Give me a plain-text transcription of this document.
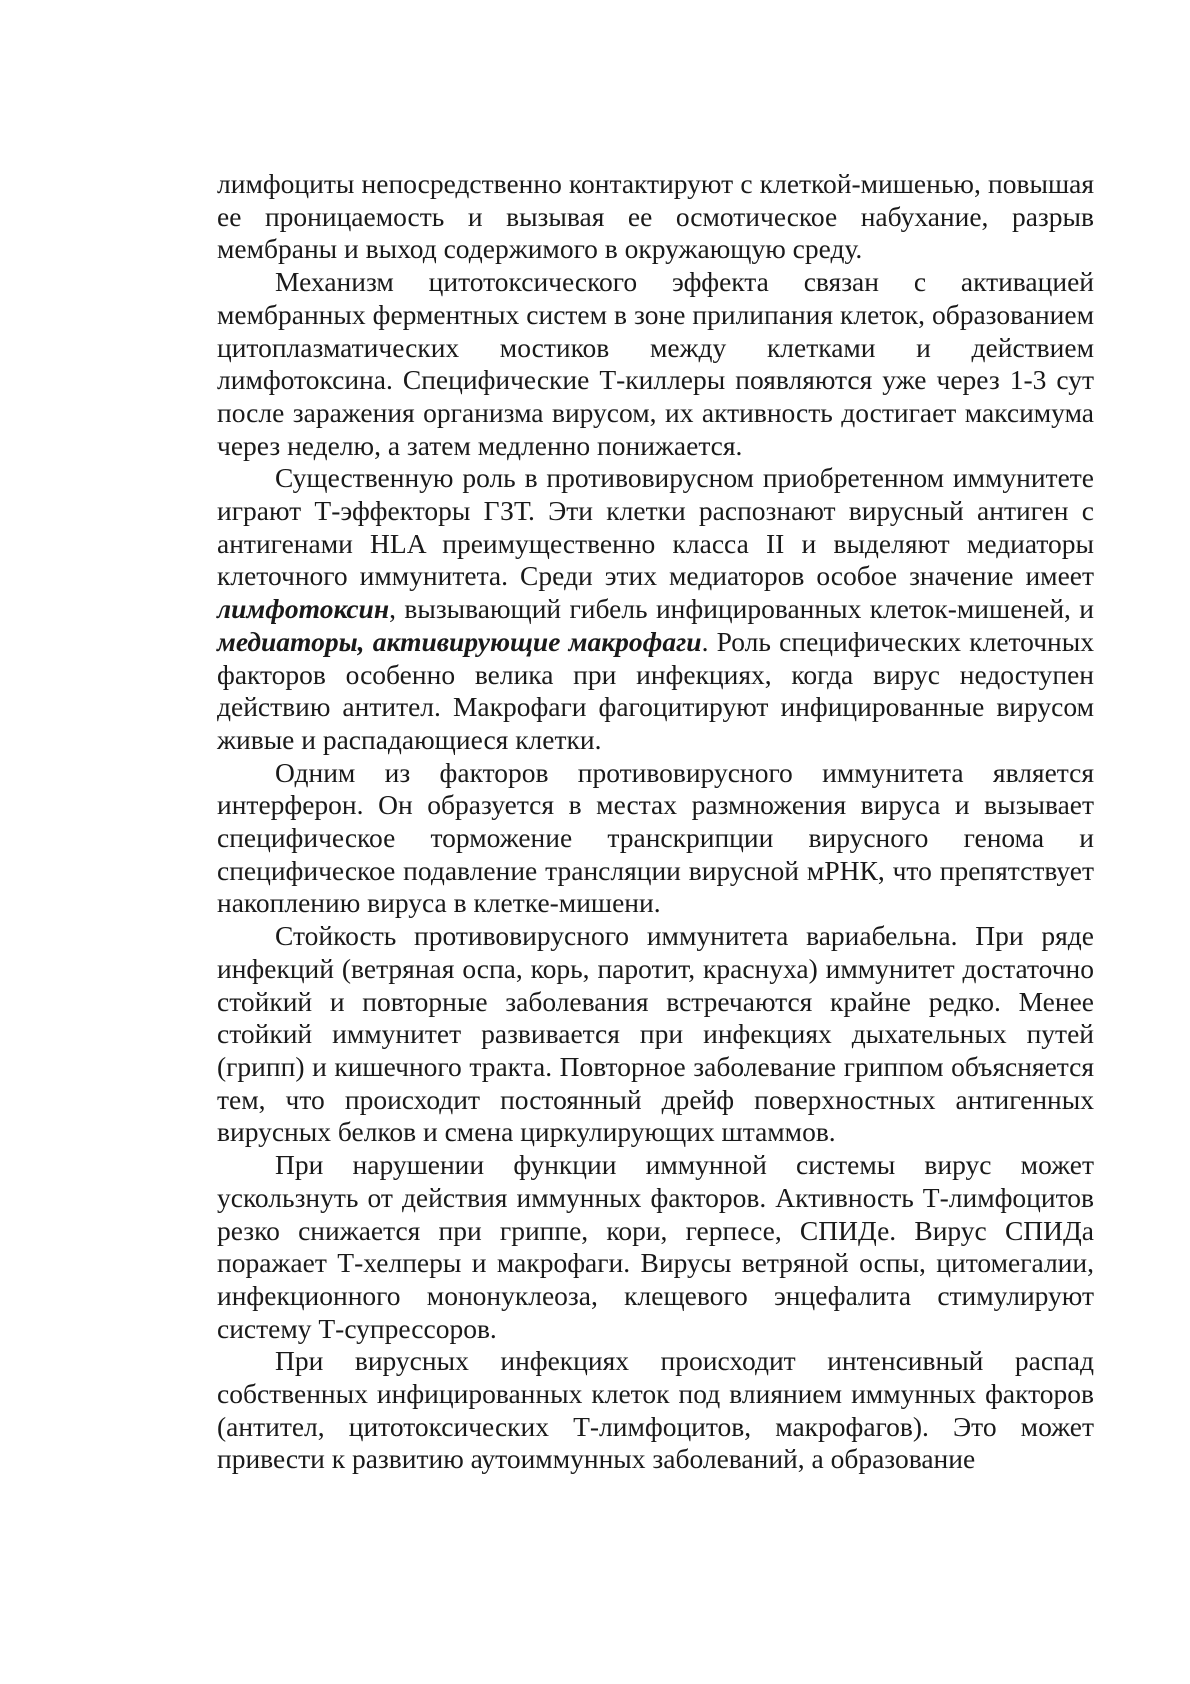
лимфоциты непосредственно контактируют с клеткой-мишенью, повышая ее проницаемость и вызывая ее осмотическое набухание, разрыв мембраны и выход содержимого в окружающую среду.

Механизм цитотоксического эффекта связан с активацией мембранных ферментных систем в зоне прилипания клеток, образованием цитоплазматических мостиков между клетками и действием лимфотоксина. Специфические Т-киллеры появляются уже через 1-3 сут после заражения организма вирусом, их активность достигает максимума через неделю, а затем медленно понижается.

Существенную роль в противовирусном приобретенном иммунитете играют Т-эффекторы ГЗТ. Эти клетки распознают вирусный антиген с антигенами HLA преимущественно класса II и выделяют медиаторы клеточного иммунитета. Среди этих медиаторов особое значение имеет лимфотоксин, вызывающий гибель инфицированных клеток-мишеней, и медиаторы, активирующие макрофаги. Роль специфических клеточных факторов особенно велика при инфекциях, когда вирус недоступен действию антител. Макрофаги фагоцитируют инфицированные вирусом живые и распадающиеся клетки.

Одним из факторов противовирусного иммунитета является интерферон. Он образуется в местах размножения вируса и вызывает специфическое торможение транскрипции вирусного генома и специфическое подавление трансляции вирусной мРНК, что препятствует накоплению вируса в клетке-мишени.

Стойкость противовирусного иммунитета вариабельна. При ряде инфекций (ветряная оспа, корь, паротит, краснуха) иммунитет достаточно стойкий и повторные заболевания встречаются крайне редко. Менее стойкий иммунитет развивается при инфекциях дыхательных путей (грипп) и кишечного тракта. Повторное заболевание гриппом объясняется тем, что происходит постоянный дрейф поверхностных антигенных вирусных белков и смена циркулирующих штаммов.

При нарушении функции иммунной системы вирус может ускользнуть от действия иммунных факторов. Активность Т-лимфоцитов резко снижается при гриппе, кори, герпесе, СПИДе. Вирус СПИДа поражает Т-хелперы и макрофаги. Вирусы ветряной оспы, цитомегалии, инфекционного мононуклеоза, клещевого энцефалита стимулируют систему Т-супрессоров.

При вирусных инфекциях происходит интенсивный распад собственных инфицированных клеток под влиянием иммунных факторов (антител, цитотоксических Т-лимфоцитов, макрофагов). Это может привести к развитию аутоиммунных заболеваний, а образование
